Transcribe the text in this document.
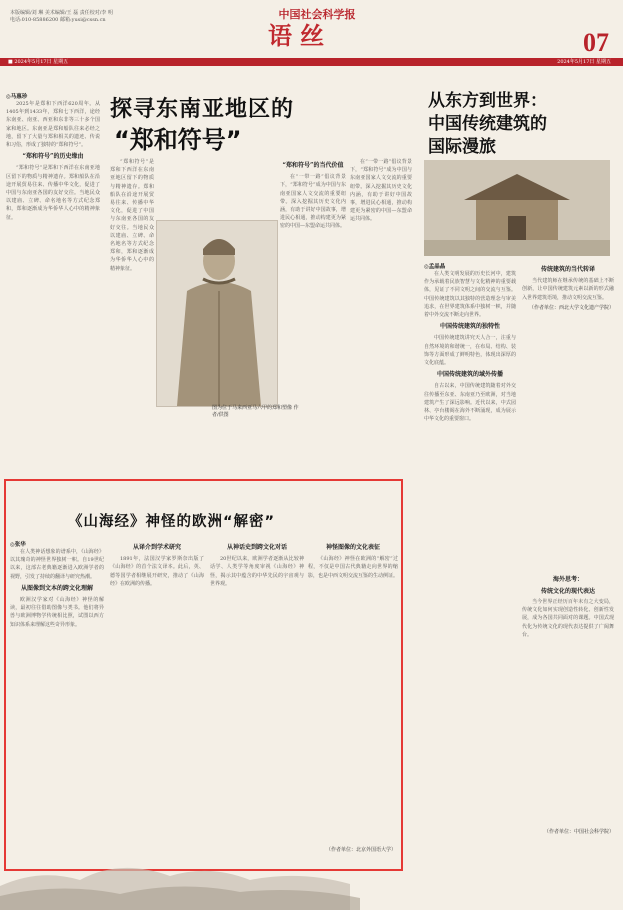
本版编辑/刘 琳 美术编辑/王 磊 责任校对/李 明
电话:010-85886200 邮箱:yusi@cssn.cn	中国社会科学报
语丝	07
■ 2024年5月17日 星期五	2024年5月17日 星期五
探寻东南亚地区的
“郑和符号”
◎马惠珍

2025年是郑和下西洋620周年。从1405年到1433年，郑和七下西洋，途经东南亚、南亚、西亚和东非等三十多个国家和地区。东南亚是郑和船队往来必经之地，留下了大量与郑和相关的遗迹、传说和习俗，形成了独特的“郑和符号”。

“郑和符号”的历史缘由

“郑和符号”是郑和下西洋在东南亚地区留下的物质与精神遗存。郑和船队在沿途开展贸易往来、传播中华文化，促进了中国与东南亚各国的友好交往。当地民众以建庙、立碑、命名地名等方式纪念郑和，郑和逐渐成为华侨华人心中的精神象征。

“郑和符号”是郑和下西洋在东南亚地区留下的物质与精神遗存。郑和船队在沿途开展贸易往来、传播中华文化，促进了中国与东南亚各国的友好交往。当地民众以建庙、立碑、命名地名等方式纪念郑和，郑和逐渐成为华侨华人心中的精神象征。

图为位于马来西亚马六甲的郑和塑像 作者/供图
“郑和符号”的当代价值

在“一带一路”倡议背景下，“郑和符号”成为中国与东南亚国家人文交流的重要纽带。深入挖掘其历史文化内涵，有助于讲好中国故事，增进民心相通，推动构建更为紧密的中国—东盟命运共同体。

在“一带一路”倡议背景下，“郑和符号”成为中国与东南亚国家人文交流的重要纽带。深入挖掘其历史文化内涵，有助于讲好中国故事，增进民心相通，推动构建更为紧密的中国—东盟命运共同体。

从东方到世界：
中国传统建筑的
国际漫旅
◎孟晶晶

在人类文明发展的历史长河中，建筑作为承载着民族智慧与文化精神的重要载体，见证了不同文明之间的交流与互鉴。中国传统建筑以其独特的营造理念与审美追求，在世界建筑体系中独树一帜，并随着中外交流不断走向世界。

中国传统建筑的独特性

中国传统建筑讲究天人合一，注重与自然环境的和谐统一，在布局、结构、装饰等方面形成了鲜明特色，体现出深厚的文化底蕴。

中国传统建筑的域外传播

自古以来，中国传统建筑随着对外交往传播至东亚、东南亚乃至欧洲，对当地建筑产生了深远影响。近代以来，中式园林、亭台楼阁在海外不断涌现，成为展示中华文化的重要窗口。

传统建筑的当代转译

当代建筑师在继承传统的基础上不断创新，让中国传统建筑元素以新的形式融入世界建筑语境，推动文明交流互鉴。

（作者单位：西北大学文化遗产学院）
海外思考：
传统文化的现代表达

当今世界正经历百年未有之大变局，传统文化如何实现创造性转化、创新性发展，成为各国共同面对的课题。中国式现代化为传统文化的现代表达提供了广阔舞台。

（作者单位：中国社会科学院）
《山海经》神怪的欧洲“解密”
◎张华

在人类神话想象的谱系中，《山海经》以其瑰奇的神怪世界独树一帜。自19世纪以来，这部古老典籍逐渐进入欧洲学者的视野，引发了持续的翻译与研究热潮。

从图像到文本的跨文化理解

欧洲汉学家对《山海经》神怪的解读，最初往往借助图像与类书。他们将异兽与欧洲博物学传统相比照，试图以西方知识体系来理解这些奇异形象。

从译介到学术研究

1891年，法国汉学家罗斯奈出版了《山海经》的首个法文译本。此后，英、德等国学者相继展开研究，推动了《山海经》在欧洲的传播。

从神话史到跨文化对话

20世纪以来，欧洲学者逐渐从比较神话学、人类学等角度审视《山海经》神怪，揭示其中蕴含的中华先民的宇宙观与世界观。

神怪图像的文化表征

《山海经》神怪在欧洲的“解密”过程，不仅是中国古代典籍走向世界的缩影，也是中西文明交流互鉴的生动例证。

（作者单位：北京外国语大学）
